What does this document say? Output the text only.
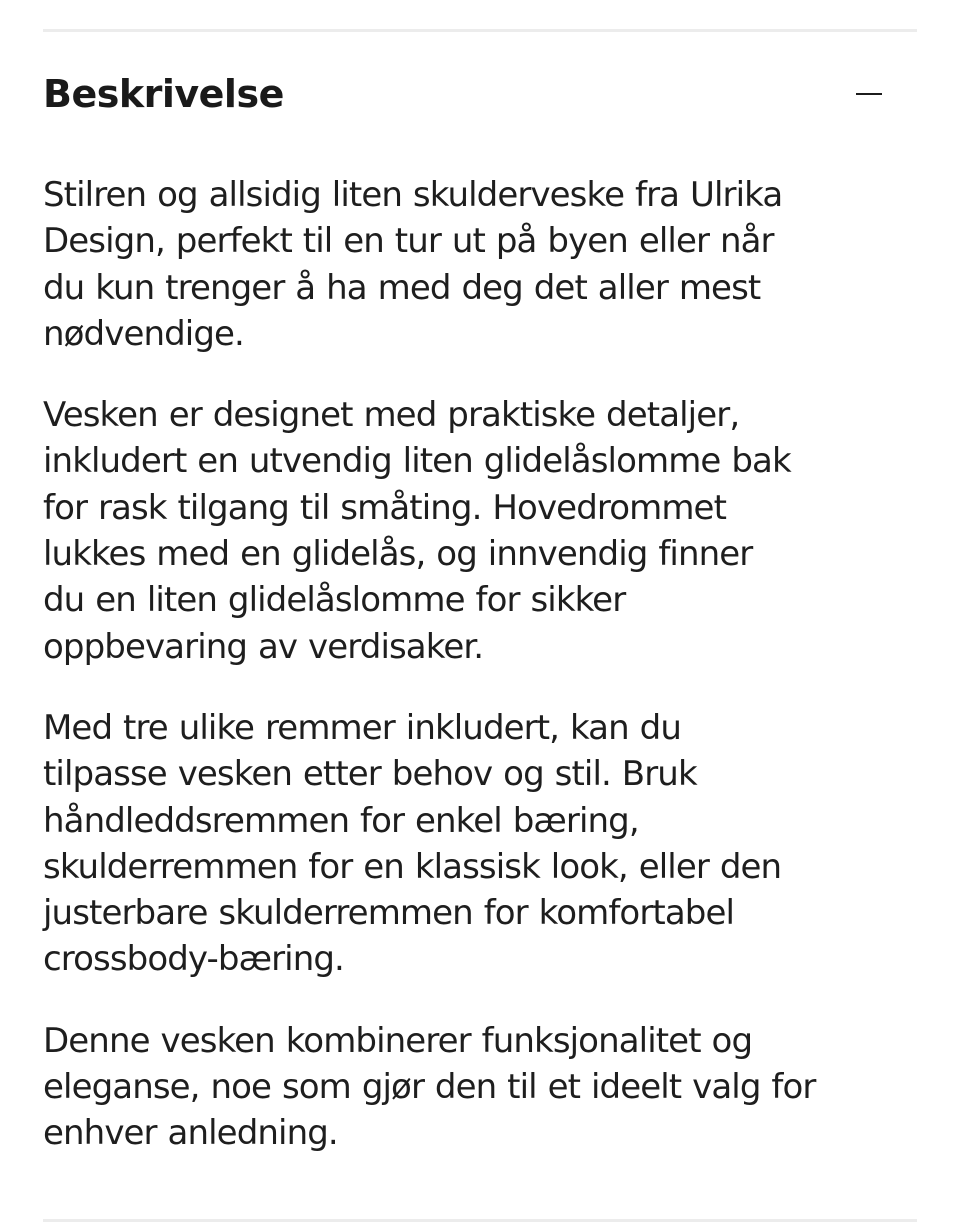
Beskrivelse

Stilren og allsidig liten skulderveske fra Ulrika
Design, perfekt til en tur ut på byen eller når
du kun trenger å ha med deg det aller mest
nødvendige.

Vesken er designet med praktiske detaljer,
inkludert en utvendig liten glidelåslomme bak
for rask tilgang til småting. Hovedrommet
lukkes med en glidelås, og innvendig finner
du en liten glidelåslomme for sikker
oppbevaring av verdisaker.

Med tre ulike remmer inkludert, kan du
tilpasse vesken etter behov og stil. Bruk
håndleddsremmen for enkel bæring,
skulderremmen for en klassisk look, eller den
justerbare skulderremmen for komfortabel
crossbody-bæring.

Denne vesken kombinerer funksjonalitet og
eleganse, noe som gjør den til et ideelt valg for
enhver anledning.
